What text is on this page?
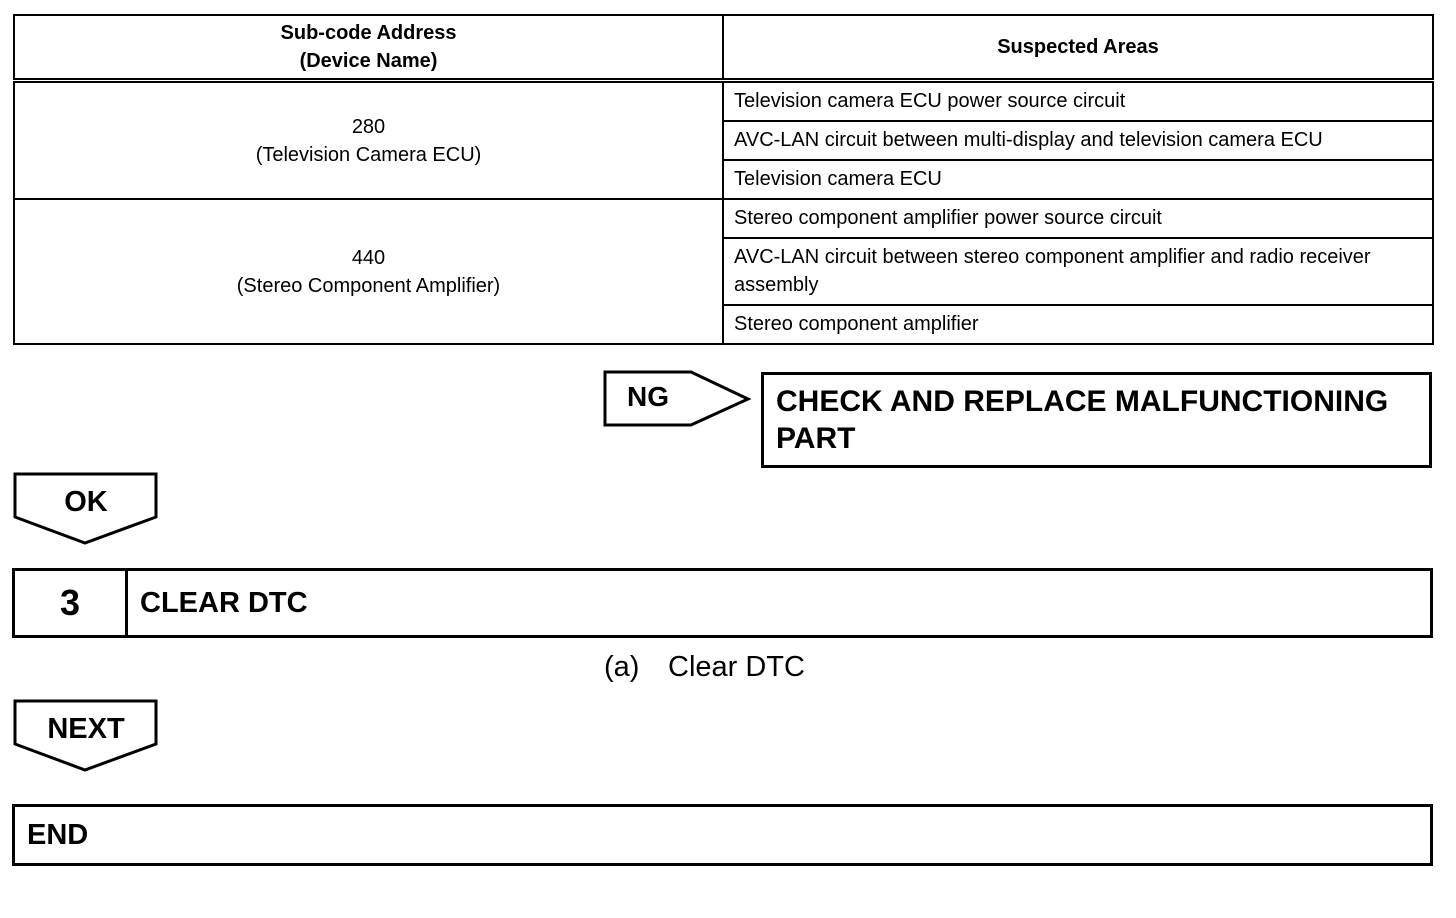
Sub-code Address
(Device Name)	Suspected Areas

280
(Television Camera ECU)	Television camera ECU power source circuit
	AVC-LAN circuit between multi-display and television camera ECU
	Television camera ECU

440
(Stereo Component Amplifier)	Stereo component amplifier power source circuit
	AVC-LAN circuit between stereo component amplifier and radio receiver assembly
	Stereo component amplifier
NG	CHECK AND REPLACE MALFUNCTIONING
PART
OK
3	CLEAR DTC
(a) Clear DTC
NEXT
END
